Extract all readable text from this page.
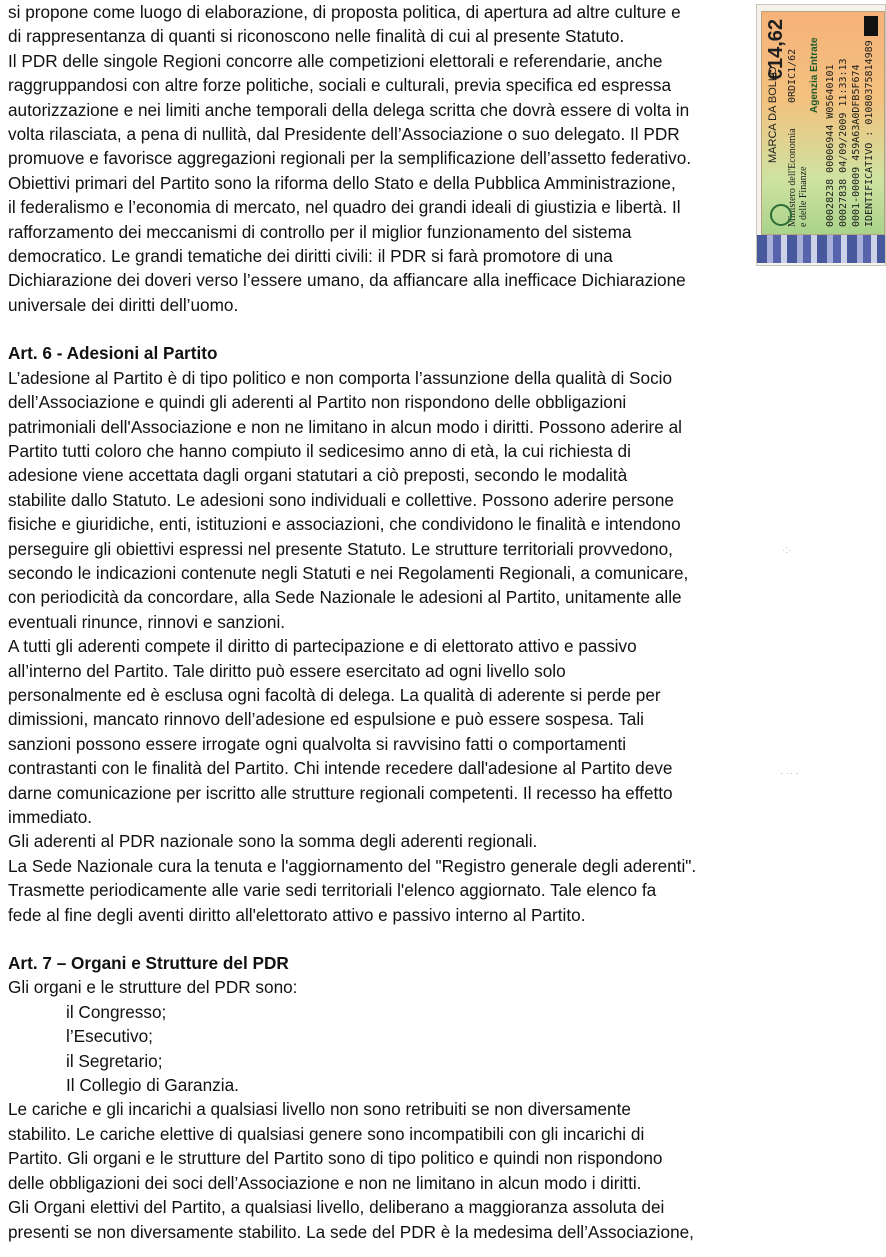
si propone come luogo di elaborazione, di proposta politica, di apertura ad altre culture e
di rappresentanza di quanti si riconoscono nelle finalità di cui al presente Statuto.
Il PDR delle singole Regioni concorre alle competizioni elettorali e referendarie, anche
raggruppandosi con altre forze politiche, sociali e culturali, previa specifica ed espressa
autorizzazione e nei limiti anche temporali della delega scritta che dovrà essere di volta in
volta rilasciata, a pena di nullità, dal Presidente dell’Associazione o suo delegato. Il PDR
promuove e favorisce aggregazioni regionali per la semplificazione dell’assetto federativo.
Obiettivi primari del Partito sono la riforma dello Stato e della Pubblica Amministrazione,
il federalismo e l’economia di mercato, nel quadro dei grandi ideali di giustizia e libertà. Il
rafforzamento dei meccanismi di controllo per il miglior funzionamento del sistema
democratico. Le grandi tematiche dei diritti civili: il PDR si farà promotore di una
Dichiarazione dei doveri verso l’essere umano, da affiancare alla inefficace Dichiarazione
universale dei diritti dell’uomo.
Art. 6 - Adesioni al Partito
L’adesione al Partito è di tipo politico e non comporta l’assunzione della qualità di Socio
dell’Associazione e quindi gli aderenti al Partito non rispondono delle obbligazioni
patrimoniali dell'Associazione e non ne limitano in alcun modo i diritti. Possono aderire al
Partito tutti coloro che hanno compiuto il sedicesimo anno di età, la cui richiesta di
adesione viene accettata dagli organi statutari a ciò preposti, secondo le modalità
stabilite dallo Statuto. Le adesioni sono individuali e collettive. Possono aderire persone
fisiche e giuridiche, enti, istituzioni e associazioni, che condividono le finalità e intendono
perseguire gli obiettivi espressi nel presente Statuto. Le strutture territoriali provvedono,
secondo le indicazioni contenute negli Statuti e nei Regolamenti Regionali, a comunicare,
con periodicità da concordare, alla Sede Nazionale le adesioni al Partito, unitamente alle
eventuali rinunce, rinnovi e sanzioni.
A tutti gli aderenti compete il diritto di partecipazione e di elettorato attivo e passivo
all’interno del Partito. Tale diritto può essere esercitato ad ogni livello solo
personalmente ed è esclusa ogni facoltà di delega. La qualità di aderente si perde per
dimissioni, mancato rinnovo dell’adesione ed espulsione e può essere sospesa. Tali
sanzioni possono essere irrogate ogni qualvolta si ravvisino fatti o comportamenti
contrastanti con le finalità del Partito. Chi intende recedere dall'adesione al Partito deve
darne comunicazione per iscritto alle strutture regionali competenti. Il recesso ha effetto
immediato.
Gli aderenti al PDR nazionale sono la somma degli aderenti regionali.
La Sede Nazionale cura la tenuta e l'aggiornamento del "Registro generale degli aderenti".
Trasmette periodicamente alle varie sedi territoriali l'elenco aggiornato. Tale elenco fa
fede al fine degli aventi diritto all'elettorato attivo e passivo interno al Partito.
Art. 7 – Organi e Strutture del PDR
Gli organi e le strutture del PDR sono:
il Congresso;
l’Esecutivo;
il Segretario;
Il Collegio di Garanzia.
Le cariche e gli incarichi a qualsiasi livello non sono retribuiti se non diversamente
stabilito. Le cariche elettive di qualsiasi genere sono incompatibili con gli incarichi di
Partito. Gli organi e le strutture del Partito sono di tipo politico e quindi non rispondono
delle obbligazioni dei soci dell’Associazione e non ne limitano in alcun modo i diritti.
Gli Organi elettivi del Partito, a qualsiasi livello, deliberano a maggioranza assoluta dei
presenti se non diversamente stabilito. La sede del PDR è la medesima dell’Associazione,
MARCA DA BOLLO
€14,62
Ministero dell'Economia e delle Finanze
Agenzia Entrate
0RDIC1/62	00028238 00006944 W05640101 00027838 04/09/2009 11:33:13 0001-00009 459A63A0DFB5F674 IDENTIFICATIVO : 01080375814989
·:·
· ·· ·
